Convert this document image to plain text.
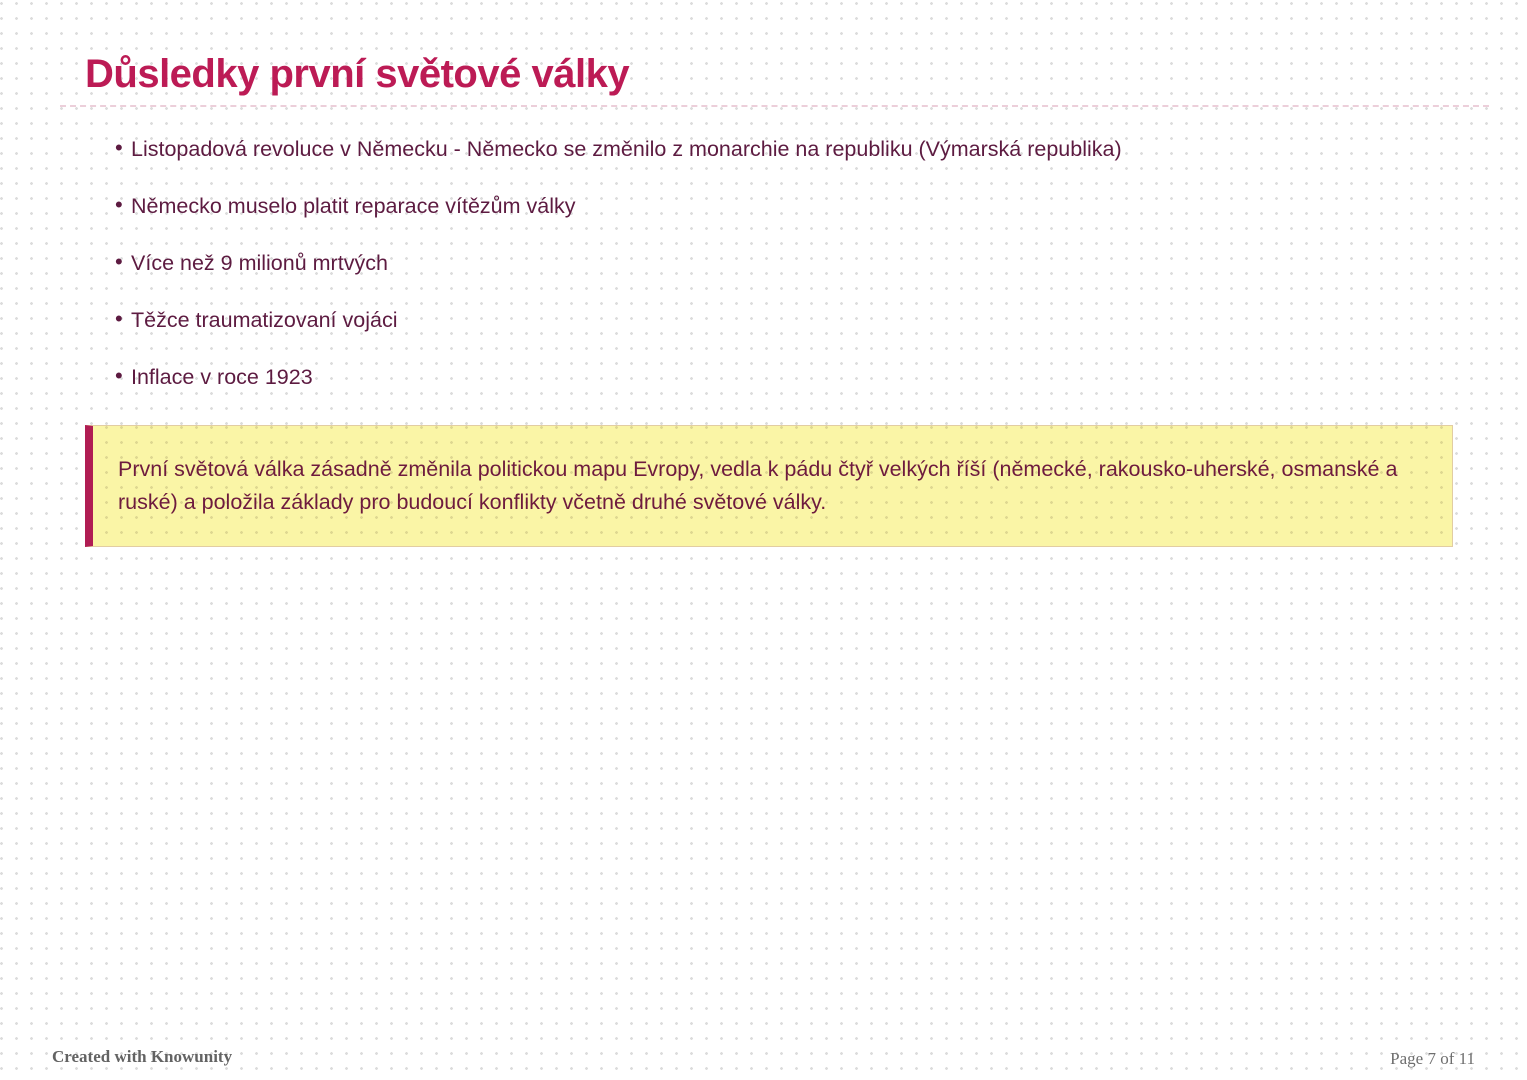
Důsledky první světové války
• Listopadová revoluce v Německu - Německo se změnilo z monarchie na republiku (Výmarská republika)
• Německo muselo platit reparace vítězům války
• Více než 9 milionů mrtvých
• Těžce traumatizovaní vojáci
• Inflace v roce 1923
První světová válka zásadně změnila politickou mapu Evropy, vedla k pádu čtyř velkých říší (německé, rakousko-uherské, osmanské a ruské) a položila základy pro budoucí konflikty včetně druhé světové války.
Created with Knowunity	Page 7 of 11
